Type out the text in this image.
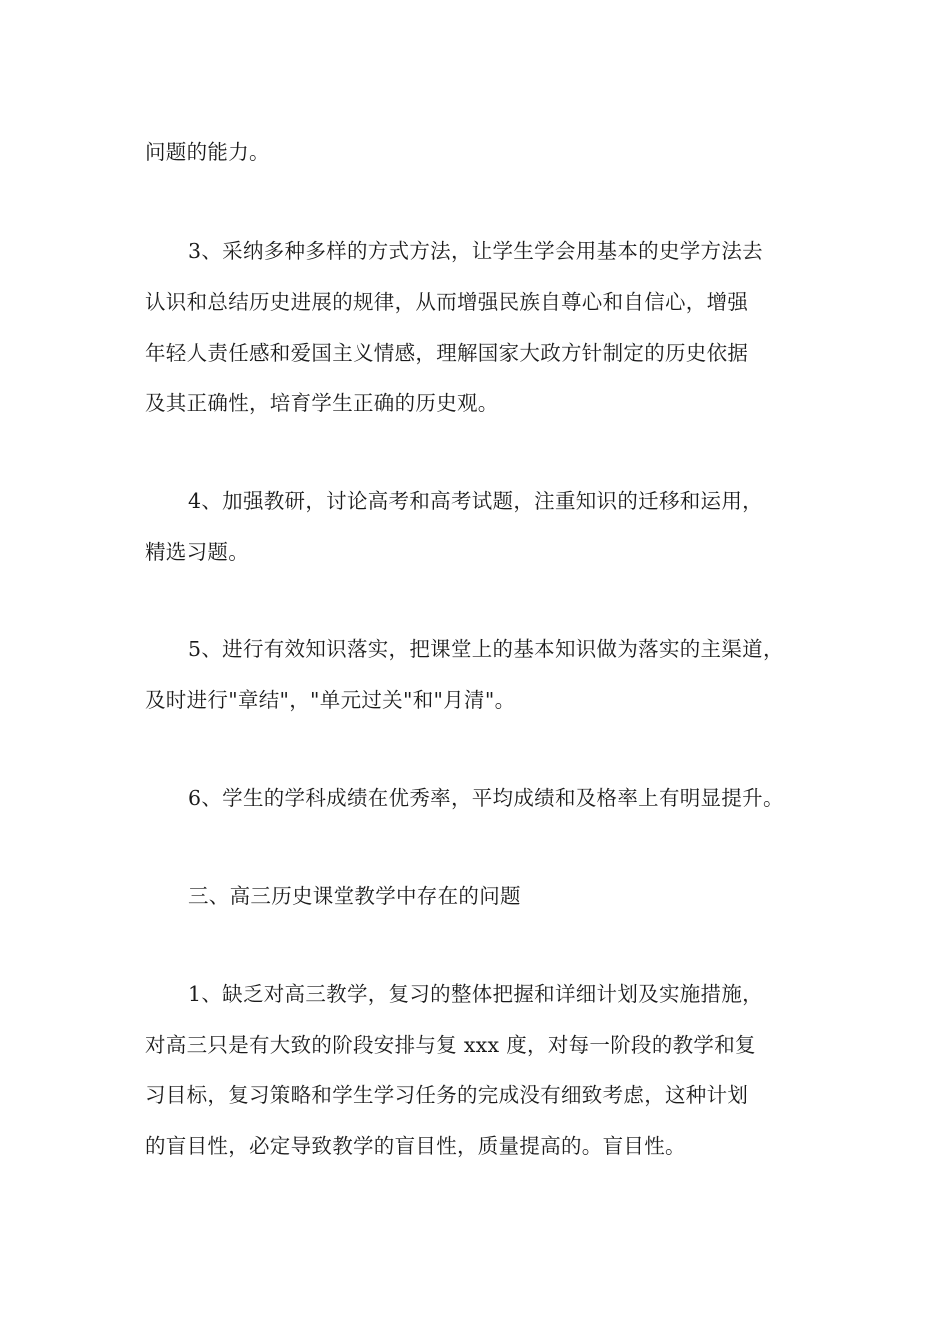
问题的能力。
3、采纳多种多样的方式方法，让学生学会用基本的史学方法去
认识和总结历史进展的规律，从而增强民族自尊心和自信心，增强
年轻人责任感和爱国主义情感，理解国家大政方针制定的历史依据
及其正确性，培育学生正确的历史观。
4、加强教研，讨论高考和高考试题，注重知识的迁移和运用，
精选习题。
5、进行有效知识落实，把课堂上的基本知识做为落实的主渠道，
及时进行"章结"，"单元过关"和"月清"。
6、学生的学科成绩在优秀率，平均成绩和及格率上有明显提升。
三、高三历史课堂教学中存在的问题
1、缺乏对高三教学，复习的整体把握和详细计划及实施措施，
对高三只是有大致的阶段安排与复 xxx 度，对每一阶段的教学和复
习目标，复习策略和学生学习任务的完成没有细致考虑，这种计划
的盲目性，必定导致教学的盲目性，质量提高的。盲目性。
